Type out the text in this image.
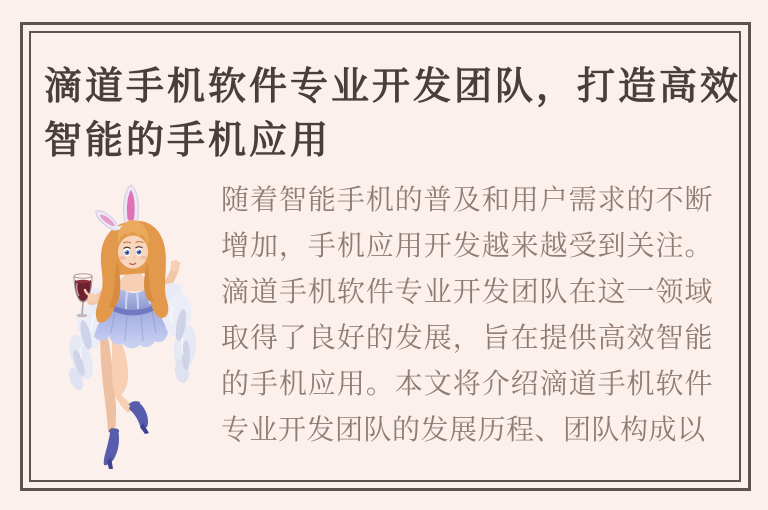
滴道手机软件专业开发团队，打造高效
智能的手机应用

随着智能手机的普及和用户需求的不断增加，手机应用开发越来越受到关注。滴道手机软件专业开发团队在这一领域取得了良好的发展，旨在提供高效智能的手机应用。本文将介绍滴道手机软件专业开发团队的发展历程、团队构成以
